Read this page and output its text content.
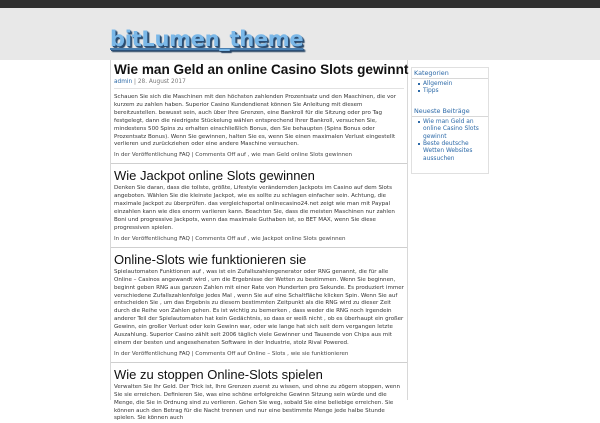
bitLumen_theme
Wie man Geld an online Casino Slots gewinnt
admin | 28. August 2017

Schauen Sie sich die Maschinen mit den höchsten zahlenden Prozentsatz und den Maschinen, die vor kurzem zu zahlen haben. Superior Casino Kundendienst können Sie Anleitung mit diesem bereitzustellen. bewusst sein, auch über Ihre Grenzen, eine Bankroll für die Sitzung oder pro Tag festgelegt, dann die niedrigste Stückelung wählen entsprechend Ihrer Bankroll, versuchen Sie, mindestens 500 Spins zu erhalten einschließlich Bonus, den Sie behaupten (Spins Bonus oder Prozentsatz Bonus). Wenn Sie gewinnen, halten Sie es, wenn Sie einen maximalen Verlust eingestellt verlieren und zurückziehen oder eine andere Maschine versuchen.

In der Veröffentlichung FAQ | Comments Off auf , wie man Geld online Slots gewinnen
Wie Jackpot online Slots gewinnen

Denken Sie daran, dass die tollste, größte, Lifestyle verändernden Jackpots im Casino auf dem Slots angeboten. Wählen Sie die kleinste Jackpot, wie es sollte zu schlagen einfacher sein. Achtung, die maximale Jackpot zu überprüfen. das vergleichsportal onlinecasino24.net zeigt wie man mit Paypal einzahlen kann wie dies enorm variieren kann. Beachten Sie, dass die meisten Maschinen nur zahlen Boni und progressive Jackpots, wenn das maximale Guthaben ist, so BET MAX, wenn Sie diese progressiven spielen.

In der Veröffentlichung FAQ | Comments Off auf , wie Jackpot online Slots gewinnen
Online-Slots wie funktionieren sie

Spielautomaten Funktionen auf , was ist ein Zufallszahlengenerator oder RNG genannt, die für alle Online – Casinos angewandt wird , um die Ergebnisse der Wetten zu bestimmen. Wenn Sie beginnen, beginnt geben RNG aus ganzen Zahlen mit einer Rate von Hunderten pro Sekunde. Es produziert immer verschiedene Zufallszahlenfolge jedes Mal , wenn Sie auf eine Schaltfläche klicken Spin. Wenn Sie auf entscheiden Sie , um das Ergebnis zu diesem bestimmten Zeitpunkt als die RNG wird zu dieser Zeit durch die Reihe von Zahlen gehen. Es ist wichtig zu bemerken , dass weder die RNG noch irgendein anderer Teil der Spielautomaten hat kein Gedächtnis, so dass er weiß nicht , ob es überhaupt ein großer Gewinn, ein großer Verlust oder kein Gewinn war, oder wie lange hat sich seit dem vergangen letzte Auszahlung. Superior Casino zählt seit 2006 täglich viele Gewinner und Tausende von Chips aus mit einem der besten und angesehensten Software in der Industrie, stolz Rival Powered.

In der Veröffentlichung FAQ | Comments Off auf Online – Slots , wie sie funktionieren
Wie zu stoppen Online-Slots spielen

Verwalten Sie Ihr Geld. Der Trick ist, Ihre Grenzen zuerst zu wissen, und ohne zu zögern stoppen, wenn Sie sie erreichen. Definieren Sie, was eine schöne erfolgreiche Gewinn Sitzung sein würde und die Menge, die Sie in Ordnung sind zu verlieren. Gehen Sie weg, sobald Sie eine beliebige erreichen. Sie können auch den Betrag für die Nacht trennen und nur eine bestimmte Menge jede halbe Stunde spielen. Sie können auch

Kategorien
Allgemein
Tipps
Neueste Beiträge
Wie man Geld an online Casino Slots gewinnt
Beste deutsche Wetten Websites aussuchen
